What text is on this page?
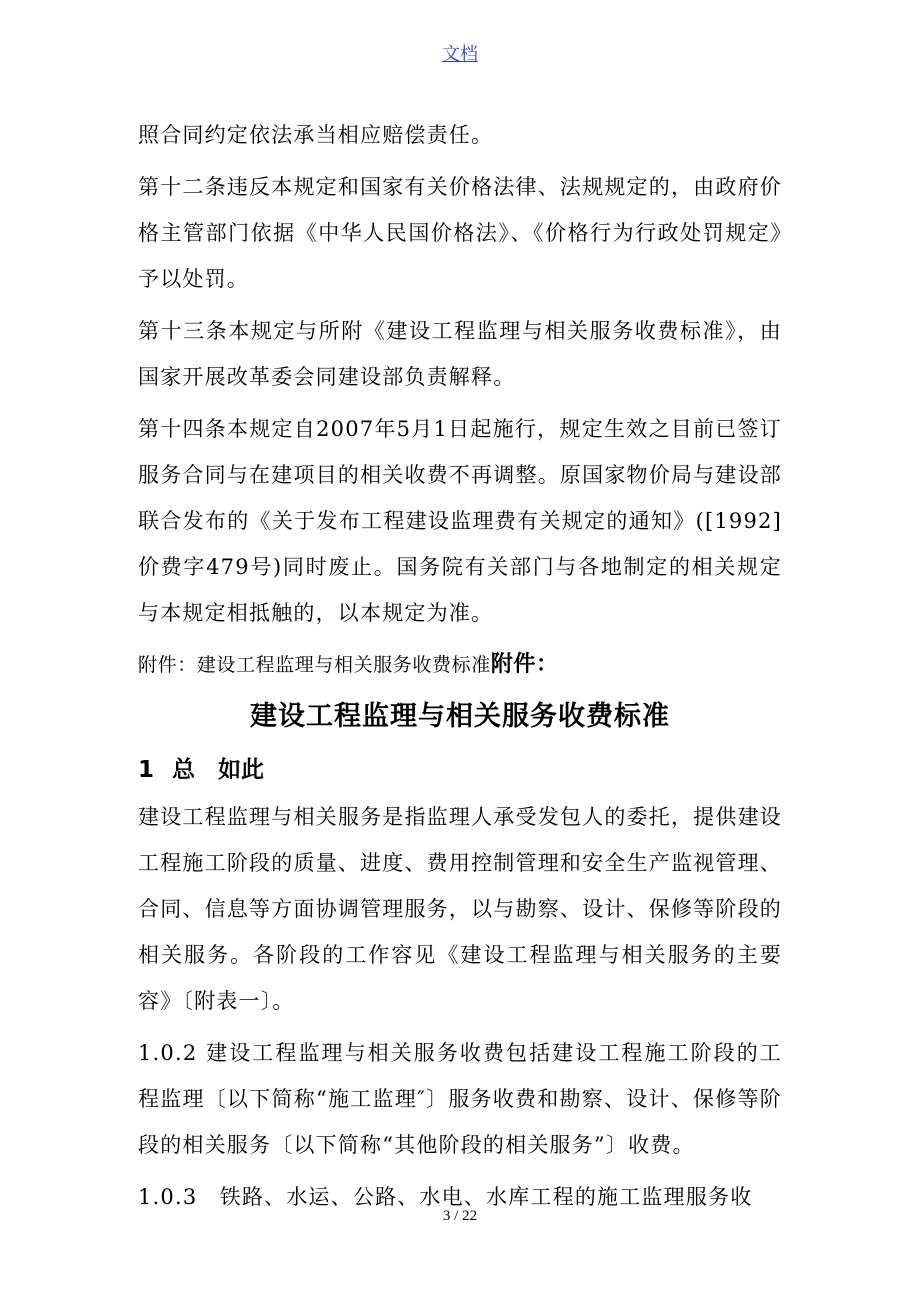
文档

照合同约定依法承当相应赔偿责任。

第十二条违反本规定和国家有关价格法律、法规规定的，由政府价格主管部门依据《中华人民国价格法》、《价格行为行政处罚规定》予以处罚。

第十三条本规定与所附《建设工程监理与相关服务收费标准》，由国家开展改革委会同建设部负责解释。

第十四条本规定自2007年5月1日起施行，规定生效之目前已签订服务合同与在建项目的相关收费不再调整。原国家物价局与建设部联合发布的《关于发布工程建设监理费有关规定的通知》([1992]价费字479号)同时废止。国务院有关部门与各地制定的相关规定与本规定相抵触的，以本规定为准。

附件：建设工程监理与相关服务收费标准附件：

建设工程监理与相关服务收费标准
1 总　如此

建设工程监理与相关服务是指监理人承受发包人的委托，提供建设工程施工阶段的质量、进度、费用控制管理和安全生产监视管理、合同、信息等方面协调管理服务，以与勘察、设计、保修等阶段的相关服务。各阶段的工作容见《建设工程监理与相关服务的主要容》〔附表一〕。

1.0.2 建设工程监理与相关服务收费包括建设工程施工阶段的工程监理〔以下简称“施工监理″〕服务收费和勘察、设计、保修等阶段的相关服务〔以下简称“其他阶段的相关服务”〕收费。

1.0.3　铁路、水运、公路、水电、水库工程的施工监理服务收

3 / 22
